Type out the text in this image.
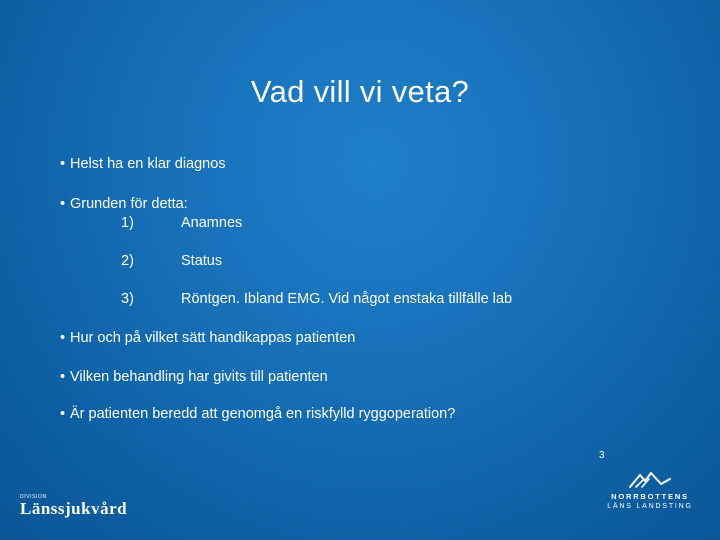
Vad vill vi veta?
• Helst ha en klar diagnos
• Grunden för detta:
1)	Anamnes
2)	Status
3)	Röntgen. Ibland EMG. Vid något enstaka tillfälle lab
• Hur och på vilket sätt handikappas patienten
• Vilken behandling har givits till patienten
• Är patienten beredd att genomgå en riskfylld ryggoperation?
3
DIVISION
Länssjukvård
NORRBOTTENS
LÄNS LANDSTING
